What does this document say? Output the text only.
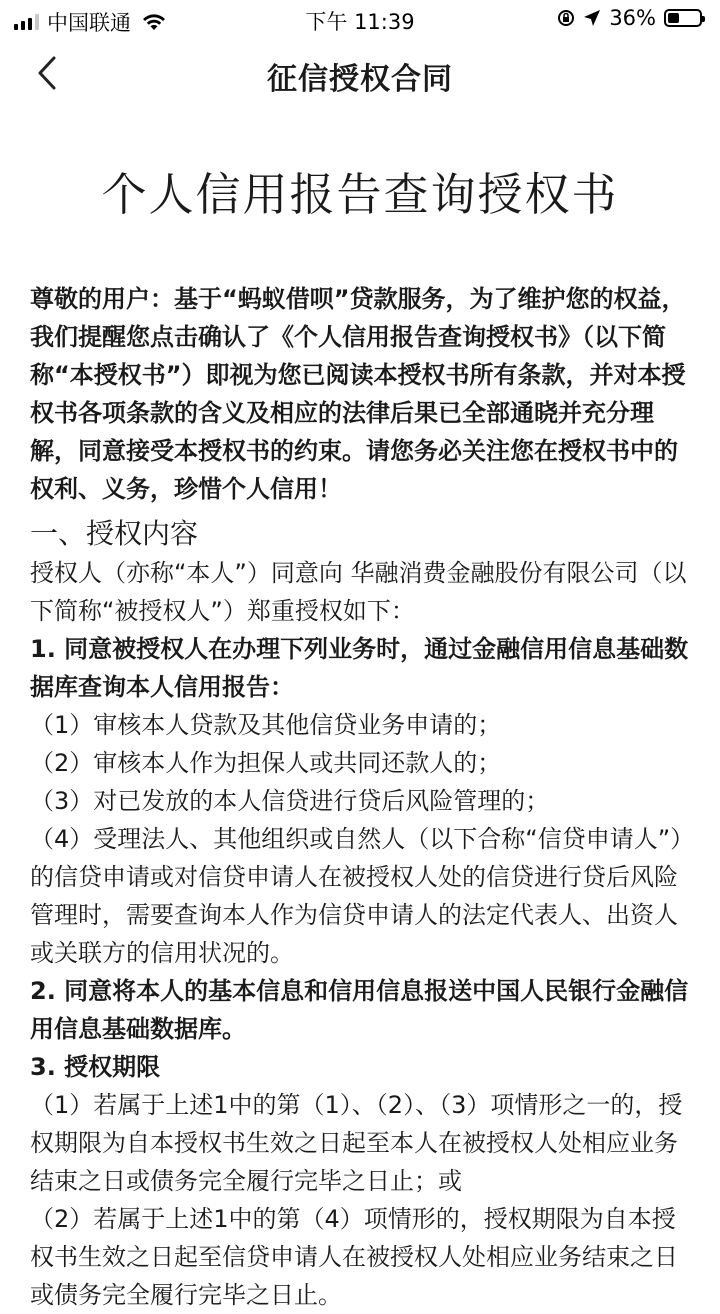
中国联通	下午 11:39	36%
征信授权合同
个人信用报告查询授权书

尊敬的用户：基于“蚂蚁借呗”贷款服务，为了维护您的权益，我们提醒您点击确认了《个人信用报告查询授权书》（以下简称“本授权书”）即视为您已阅读本授权书所有条款，并对本授权书各项条款的含义及相应的法律后果已全部通晓并充分理解，同意接受本授权书的约束。请您务必关注您在授权书中的权利、义务，珍惜个人信用！

一、授权内容

授权人（亦称“本人”）同意向 华融消费金融股份有限公司（以下简称“被授权人”）郑重授权如下：

1. 同意被授权人在办理下列业务时，通过金融信用信息基础数据库查询本人信用报告：

（1）审核本人贷款及其他信贷业务申请的；

（2）审核本人作为担保人或共同还款人的；

（3）对已发放的本人信贷进行贷后风险管理的；

（4）受理法人、其他组织或自然人（以下合称“信贷申请人”）的信贷申请或对信贷申请人在被授权人处的信贷进行贷后风险管理时，需要查询本人作为信贷申请人的法定代表人、出资人或关联方的信用状况的。

2. 同意将本人的基本信息和信用信息报送中国人民银行金融信用信息基础数据库。

3. 授权期限

（1）若属于上述1中的第（1）、（2）、（3）项情形之一的，授权期限为自本授权书生效之日起至本人在被授权人处相应业务结束之日或债务完全履行完毕之日止；或

（2）若属于上述1中的第（4）项情形的，授权期限为自本授权书生效之日起至信贷申请人在被授权人处相应业务结束之日或债务完全履行完毕之日止。
